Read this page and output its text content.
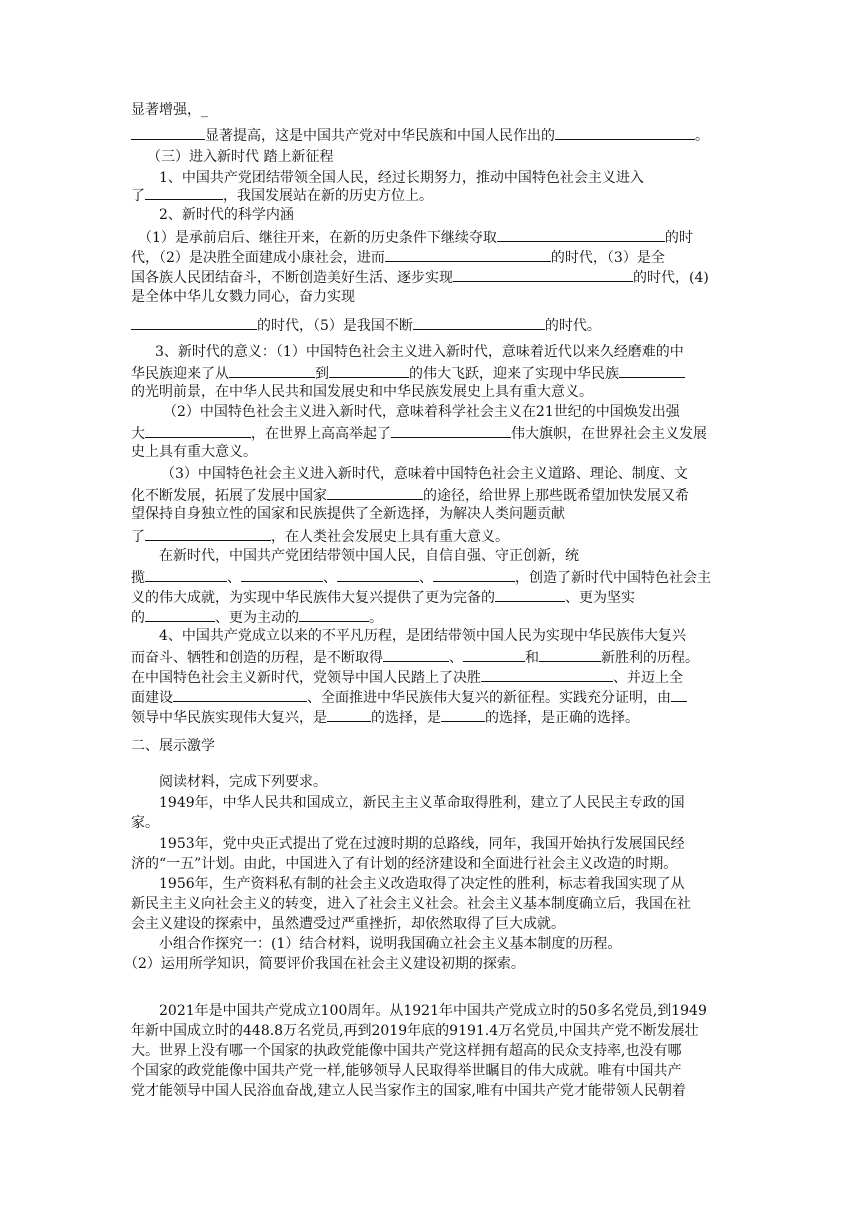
显著增强，_
显著提高，这是中国共产党对中华民族和中国人民作出的	。
（三）进入新时代 踏上新征程
1、中国共产党团结带领全国人民，经过长期努力，推动中国特色社会主义进入
了	，我国发展站在新的历史方位上。
2、新时代的科学内涵
（1）是承前启后、继往开来，在新的历史条件下继续夺取	的时
代，（2）是决胜全面建成小康社会，进而	的时代，（3）是全
国各族人民团结奋斗，不断创造美好生活、逐步实现	的时代，(4)
是全体中华儿女戮力同心，奋力实现
的时代，（5）是我国不断	的时代。
3、新时代的意义：（1）中国特色社会主义进入新时代，意味着近代以来久经磨难的中
华民族迎来了从	到	的伟大飞跃，迎来了实现中华民族
的光明前景，在中华人民共和国发展史和中华民族发展史上具有重大意义。
（2）中国特色社会主义进入新时代，意味着科学社会主义在21世纪的中国焕发出强
大	，在世界上高高举起了	伟大旗帜，在世界社会主义发展
史上具有重大意义。
（3）中国特色社会主义进入新时代，意味着中国特色社会主义道路、理论、制度、文
化不断发展，拓展了发展中国家	的途径，给世界上那些既希望加快发展又希
望保持自身独立性的国家和民族提供了全新选择，为解决人类问题贡献
了	，在人类社会发展史上具有重大意义。
在新时代，中国共产党团结带领中国人民，自信自强、守正创新，统
揽	、	、	、	，创造了新时代中国特色社会主
义的伟大成就，为实现中华民族伟大复兴提供了更为完备的	、更为坚实
的	、更为主动的	。
4、中国共产党成立以来的不平凡历程，是团结带领中国人民为实现中华民族伟大复兴
而奋斗、牺牲和创造的历程，是不断取得	、	和	新胜利的历程。
在中国特色社会主义新时代，党领导中国人民踏上了决胜	、并迈上全
面建设	、全面推进中华民族伟大复兴的新征程。实践充分证明，由
领导中华民族实现伟大复兴，是	的选择，是	的选择，是正确的选择。
二、展示激学
阅读材料，完成下列要求。
1949年，中华人民共和国成立，新民主主义革命取得胜利，建立了人民民主专政的国
家。
1953年，党中央正式提出了党在过渡时期的总路线，同年，我国开始执行发展国民经
济的“一五”计划。由此，中国进入了有计划的经济建设和全面进行社会主义改造的时期。
1956年，生产资料私有制的社会主义改造取得了决定性的胜利，标志着我国实现了从
新民主主义向社会主义的转变，进入了社会主义社会。社会主义基本制度确立后，我国在社
会主义建设的探索中，虽然遭受过严重挫折，却依然取得了巨大成就。
小组合作探究一：(1）结合材料，说明我国确立社会主义基本制度的历程。
（2）运用所学知识，简要评价我国在社会主义建设初期的探索。
2021年是中国共产党成立100周年。从1921年中国共产党成立时的50多名党员,到1949
年新中国成立时的448.8万名党员,再到2019年底的9191.4万名党员,中国共产党不断发展壮
大。世界上没有哪一个国家的执政党能像中国共产党这样拥有超高的民众支持率,也没有哪
个国家的政党能像中国共产党一样,能够领导人民取得举世瞩目的伟大成就。唯有中国共产
党才能领导中国人民浴血奋战,建立人民当家作主的国家,唯有中国共产党才能带领人民朝着
